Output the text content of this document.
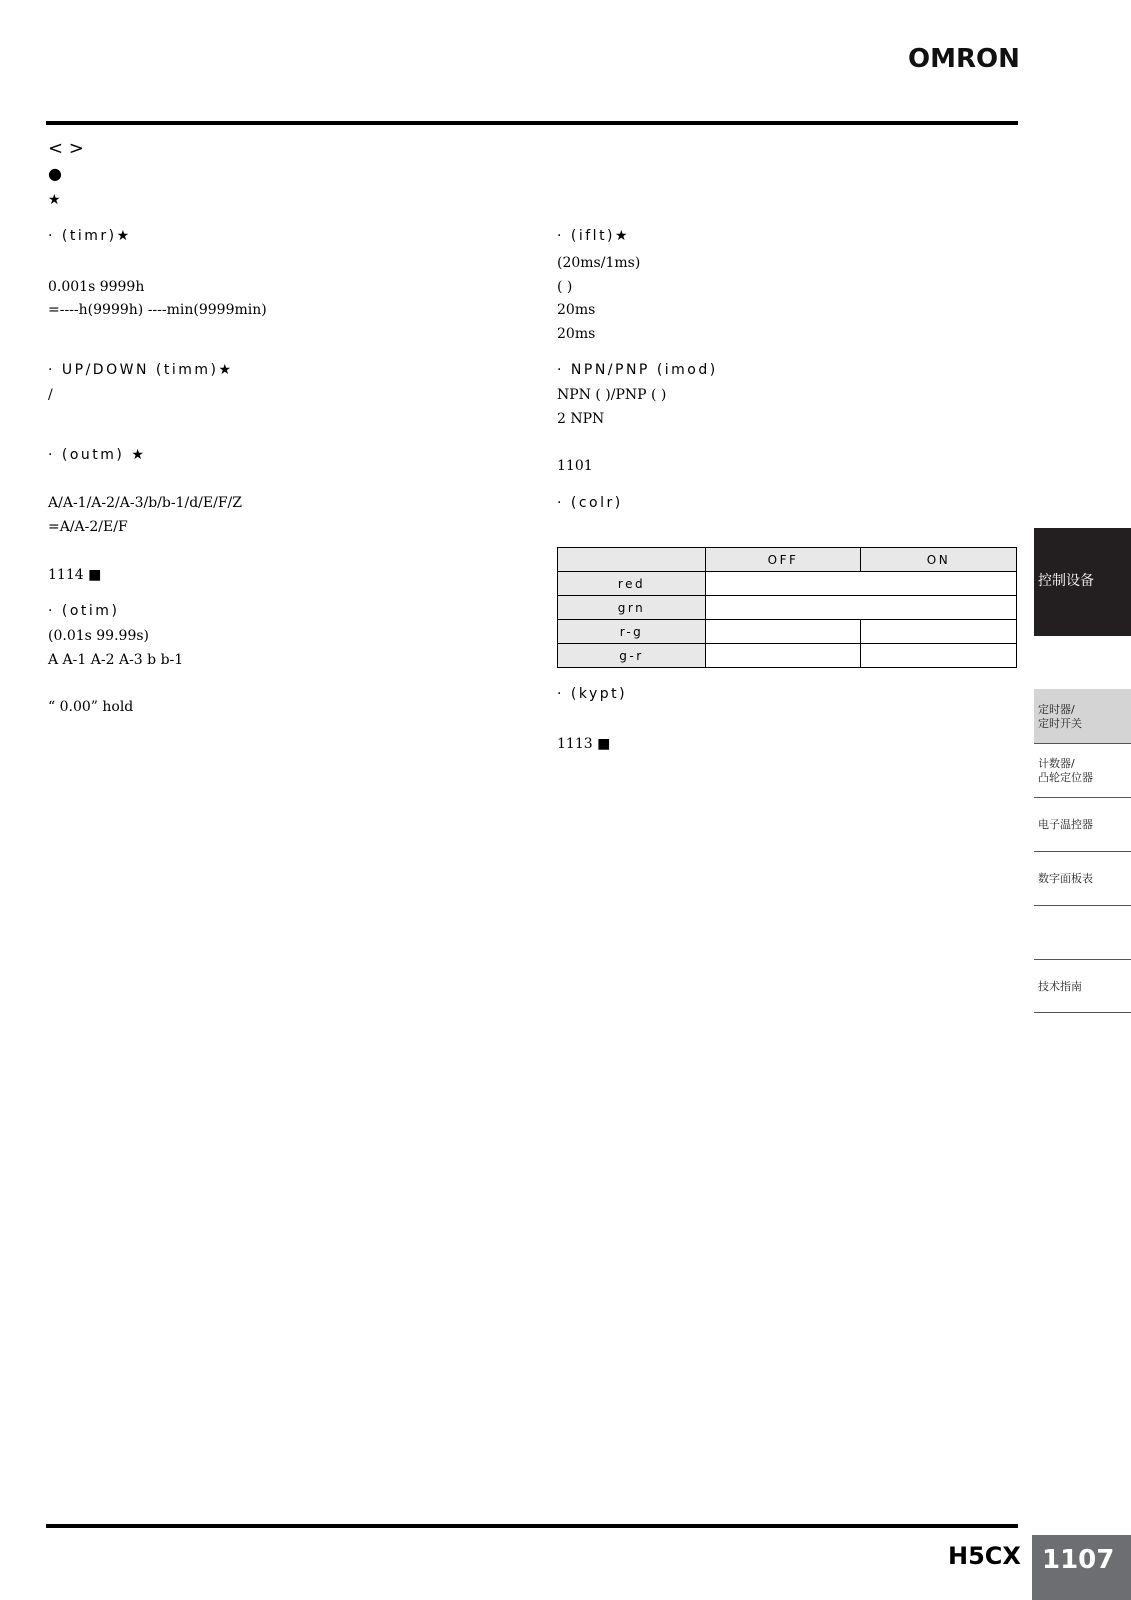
OMRON
< >
●
★
· (timr)★
0.001s 9999h
=----h(9999h) ----min(9999min)
· UP/DOWN (timm)★
/
· (outm) ★
A/A-1/A-2/A-3/b/b-1/d/E/F/Z
=A/A-2/E/F
1114 ■
· (otim)
(0.01s 99.99s)
A A-1 A-2 A-3 b b-1
“ 0.00” hold
· (iflt)★
(20ms/1ms)
( )
20ms
20ms
· NPN/PNP (imod)
NPN ( )/PNP ( )
2 NPN
1101
· (colr)
	OFF	ON
red		
grn		
r-g		
g-r		
· (kypt)
1113 ■
控制设备
定时器/
定时开关
计数器/
凸轮定位器
电子温控器
数字面板表
技术指南
H5CX 1107
